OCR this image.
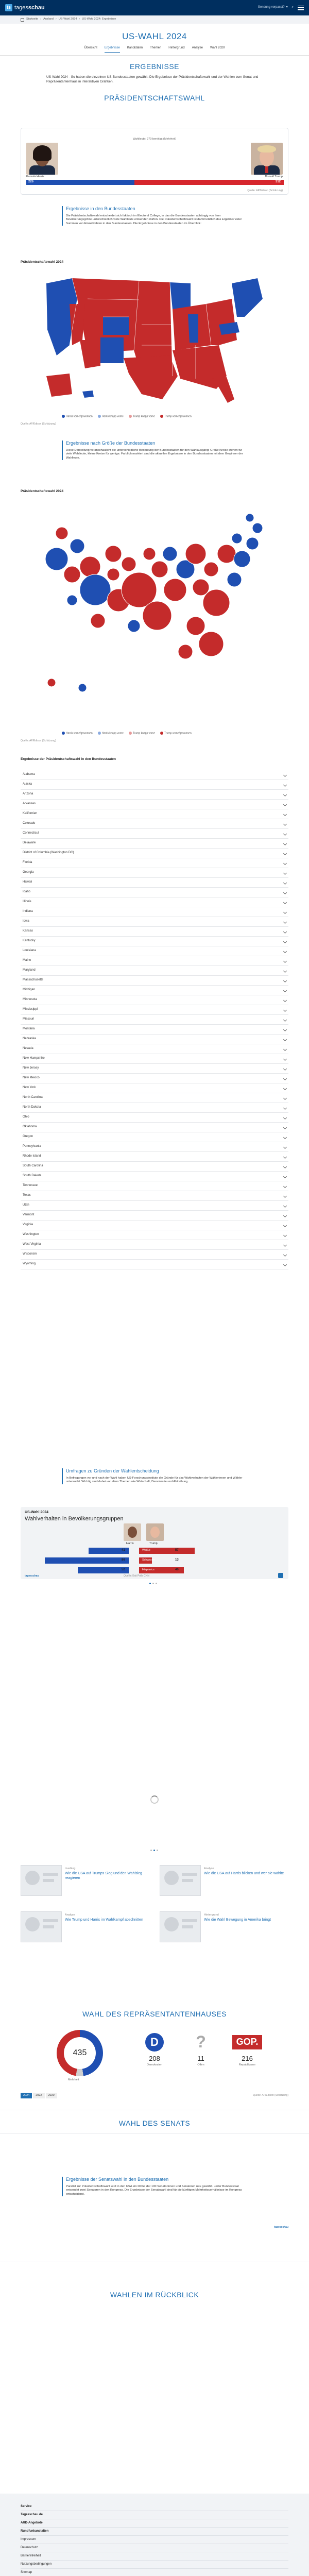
ts tages schau	Sendung verpasst? ▾ ⌕
Startseite › Ausland › US-Wahl 2024 › US-Wahl 2024: Ergebnisse
US-WAHL 2024
Übersicht Ergebnisse Kandidaten Themen Hintergrund Analyse Wahl 2020
ERGEBNISSE
US-Wahl 2024 - So haben die einzelnen US-Bundesstaaten gewählt: Die Ergebnisse der Präsidentschaftswahl und der Wahlen zum Senat und Repräsentantenhaus in interaktiven Grafiken.
PRÄSIDENTSCHAFTSWAHL
Wahlleute: 270 benötigt (Mehrheit)
Kamala Harris	Donald Trump
226	312
Quelle: AP/Edison (Schätzung)
Ergebnisse in den Bundesstaaten

Die Präsidentschaftswahl entscheidet sich faktisch im Electoral College, in das die Bundesstaaten abhängig von ihrer Bevölkerungsgröße unterschiedlich viele Wahlleute entsenden dürfen. Die Präsidentschaftswahl ist damit letztlich das Ergebnis vieler Summen von Einzelwahlen in den Bundesstaaten. Die Ergebnisse in den Bundesstaaten im Überblick:

Präsidentschaftswahl 2024
Harris vorne/gewonnen	Harris knapp vorne	Trump knapp vorne	Trump vorne/gewonnen
Quelle: AP/Edison (Schätzung)
Ergebnisse nach Größe der Bundesstaaten

Diese Darstellung veranschaulicht die unterschiedliche Bedeutung der Bundesstaaten für den Wahlausgang: Große Kreise stehen für viele Wahlleute, kleine Kreise für wenige. Farblich markiert sind die aktuellen Ergebnisse in den Bundesstaaten mit dem Gewinner der Wahlleute.

Präsidentschaftswahl 2024
Harris vorne/gewonnen	Harris knapp vorne	Trump knapp vorne	Trump vorne/gewonnen
Quelle: AP/Edison (Schätzung)
Ergebnisse der Präsidentschaftswahl in den Bundesstaaten
Alabama
Alaska
Arizona
Arkansas
Kalifornien
Colorado
Connecticut
Delaware
District of Columbia (Washington DC)
Florida
Georgia
Hawaii
Idaho
Illinois
Indiana
Iowa
Kansas
Kentucky
Louisiana
Maine
Maryland
Massachusetts
Michigan
Minnesota
Mississippi
Missouri
Montana
Nebraska
Nevada
New Hampshire
New Jersey
New Mexico
New York
North Carolina
North Dakota
Ohio
Oklahoma
Oregon
Pennsylvania
Rhode Island
South Carolina
South Dakota
Tennessee
Texas
Utah
Vermont
Virginia
Washington
West Virginia
Wisconsin
Wyoming
Umfragen zu Gründen der Wahlentscheidung

In Befragungen vor und nach der Wahl haben US-Forschungsinstitute die Gründe für das Wahlverhalten der Wählerinnen und Wähler untersucht. Wichtig sind dabei vor allem Themen wie Wirtschaft, Demokratie und Abtreibung.

US-Wahl 2024
Wahlverhalten in Bevölkerungsgruppen
Harris	Trump
41	Weiße	57
86	Schwarze	13
52	Hispanics	46
tagesschau	Quelle: Exit Polls CNN
Liveblog
Wie die USA auf Trumps Sieg und den Wahlsieg reagieren
Analyse
Wie die USA auf Harris blicken und wer sie wählte
Analyse
Wie Trump und Harris im Wahlkampf abschnitten
Hintergrund
Wie die Wahl Bewegung in Amerika bringt
WAHL DES REPRÄSENTANTENHAUSES
435
Mehrheit
D
208
Demokraten
?
11
Offen
GOP.
216
Republikaner
2024	2022	2020	Quelle: AP/Edison (Schätzung)
WAHL DES SENATS
Ergebnisse der Senatswahl in den Bundesstaaten

Parallel zur Präsidentschaftswahl wird in den USA ein Drittel der 100 Senatorinnen und Senatoren neu gewählt. Jeder Bundesstaat entsendet zwei Senatoren in den Kongress. Die Ergebnisse der Senatswahl sind für die künftigen Mehrheitsverhältnisse im Kongress entscheidend.

tagesschau
WAHLEN IM RÜCKBLICK
Service
Tagesschau.de
ARD-Angebote
Rundfunkanstalten
Impressum
Datenschutz
Barrierefreiheit
Nutzungsbedingungen
Sitemap
